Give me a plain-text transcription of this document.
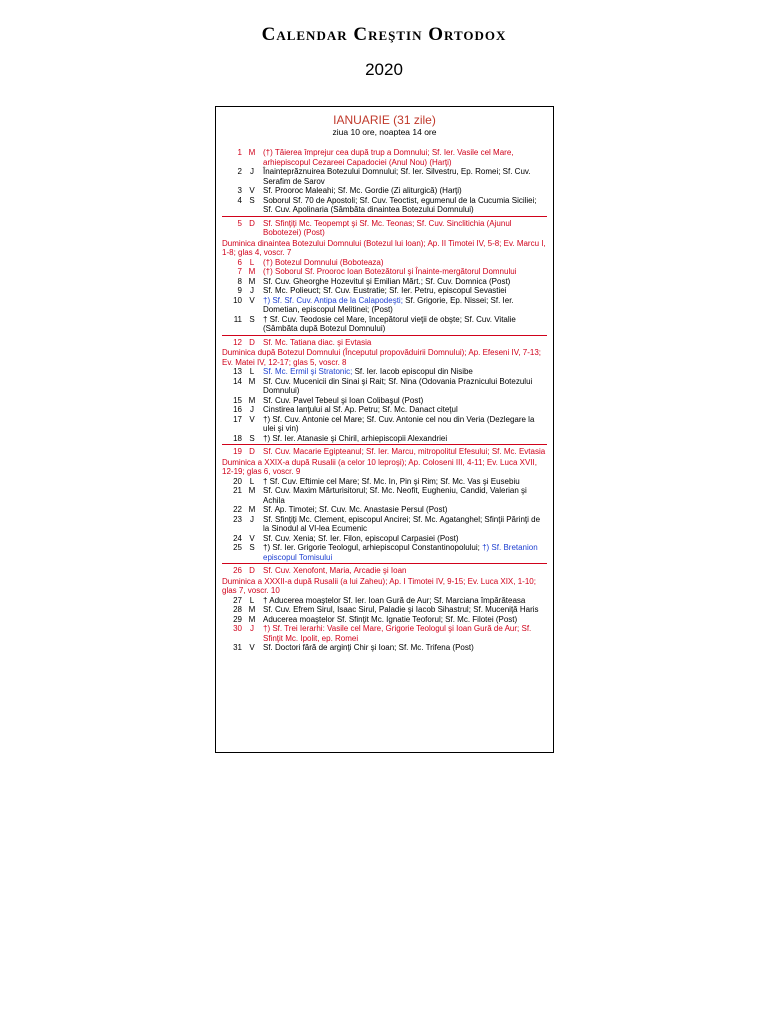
Calendar Creştin Ortodox
2020
IANUARIE (31 zile)
ziua 10 ore, noaptea 14 ore
1 M (†) Tăierea împrejur cea după trup a Domnului; Sf. Ier. Vasile cel Mare, arhiepiscopul Cezareei Capadociei (Anul Nou) (Harţi)
2	J	Înainteprăznuirea Botezului Domnului; Sf. Ier. Silvestru, Ep. Romei; Sf. Cuv. Serafim de Sarov
3 V	Sf. Prooroc Maleahi; Sf. Mc. Gordie (Zi aliturgică) (Harţi)
4 S	Soborul Sf. 70 de Apostoli; Sf. Cuv. Teoctist, egumenul de la Cucumia Siciliei; Sf. Cuv. Apolinaria (Sâmbăta dinaintea Botezului Domnului)
5 D	Sf. Sfinţiţi Mc. Teopempt şi Sf. Mc. Teonas; Sf. Cuv. Sinclitichia (Ajunul Bobotezei) (Post)
Duminica dinaintea Botezului Domnului (Botezul lui Ioan); Ap. II Timotei IV, 5-8; Ev. Marcu I, 1-8; glas 4, voscr. 7
6 L	(†) Botezul Domnului (Boboteaza)
7 M (†) Soborul Sf. Prooroc Ioan Botezătorul şi Înainte-mergătorul Domnului
8 M Sf. Cuv. Gheorghe Hozevitul şi Emilian Mărt.; Sf. Cuv. Domnica (Post)
9	J	Sf. Mc. Polieuct; Sf. Cuv. Eustratie; Sf. Ier. Petru, episcopul Sevastiei
10 V	†) Sf. Sf. Cuv. Antipa de la Calapodeşti; Sf. Grigorie, Ep. Nissei; Sf. Ier. Dometian, episcopul Melitinei; (Post)
11 S	† Sf. Cuv. Teodosie cel Mare, începătorul vieţii de obşte; Sf. Cuv. Vitalie (Sâmbăta după Botezul Domnului)
12 D	Sf. Mc. Tatiana diac. şi Evtasia
Duminica după Botezul Domnului (Începutul propovăduirii Domnului); Ap. Efeseni IV, 7-13; Ev. Matei IV, 12-17; glas 5, voscr. 8
13 L	Sf. Mc. Ermil şi Stratonic; Sf. Ier. Iacob episcopul din Nisibe
14 M Sf. Cuv. Mucenicii din Sinai şi Rait; Sf. Nina (Odovania Praznicului Botezului Domnului)
15 M Sf. Cuv. Pavel Tebeul şi Ioan Colibaşul (Post)
16	J	Cinstirea lanţului al Sf. Ap. Petru; Sf. Mc. Danact citeţul
17 V	†) Sf. Cuv. Antonie cel Mare; Sf. Cuv. Antonie cel nou din Veria (Dezlegare la ulei şi vin)
18 S	†) Sf. Ier. Atanasie şi Chiril, arhiepiscopii Alexandriei
19 D	Sf. Cuv. Macarie Egipteanul; Sf. Ier. Marcu, mitropolitul Efesului; Sf. Mc. Evtasia
Duminica a XXIX-a după Rusalii (a celor 10 leproşi); Ap. Coloseni III, 4-11; Ev. Luca XVII, 12-19; glas 6, voscr. 9
20 L	† Sf. Cuv. Eftimie cel Mare; Sf. Mc. In, Pin şi Rim; Sf. Mc. Vas şi Eusebiu
21 M Sf. Cuv. Maxim Mărturisitorul; Sf. Mc. Neofit, Eugheniu, Candid, Valerian şi Achila
22 M Sf. Ap. Timotei; Sf. Cuv. Mc. Anastasie Persul (Post)
23	J	Sf. Sfinţiţi Mc. Clement, episcopul Ancirei; Sf. Mc. Agatanghel; Sfinţii Părinţi de la Sinodul al VI-lea Ecumenic
24 V	Sf. Cuv. Xenia; Sf. Ier. Filon, episcopul Carpasiei (Post)
25 S	†) Sf. Ier. Grigorie Teologul, arhiepiscopul Constantinopolului; †) Sf. Bretanion episcopul Tomisului
26 D	Sf. Cuv. Xenofont, Maria, Arcadie şi Ioan
Duminica a XXXII-a după Rusalii (a lui Zaheu); Ap. I Timotei IV, 9-15; Ev. Luca XIX, 1-10; glas 7, voscr. 10
27 L	† Aducerea moaştelor Sf. Ier. Ioan Gură de Aur; Sf. Marciana împărăteasa
28 M Sf. Cuv. Efrem Sirul, Isaac Sirul, Paladie şi Iacob Sihastrul; Sf. Muceniţă Haris
29 M Aducerea moaştelor Sf. Sfinţit Mc. Ignatie Teoforul; Sf. Mc. Filotei (Post)
30	J	†) Sf. Trei Ierarhi: Vasile cel Mare, Grigorie Teologul şi Ioan Gură de Aur; Sf. Sfinţit Mc. Ipolit, ep. Romei
31 V	Sf. Doctori fără de arginţi Chir şi Ioan; Sf. Mc. Trifena (Post)
